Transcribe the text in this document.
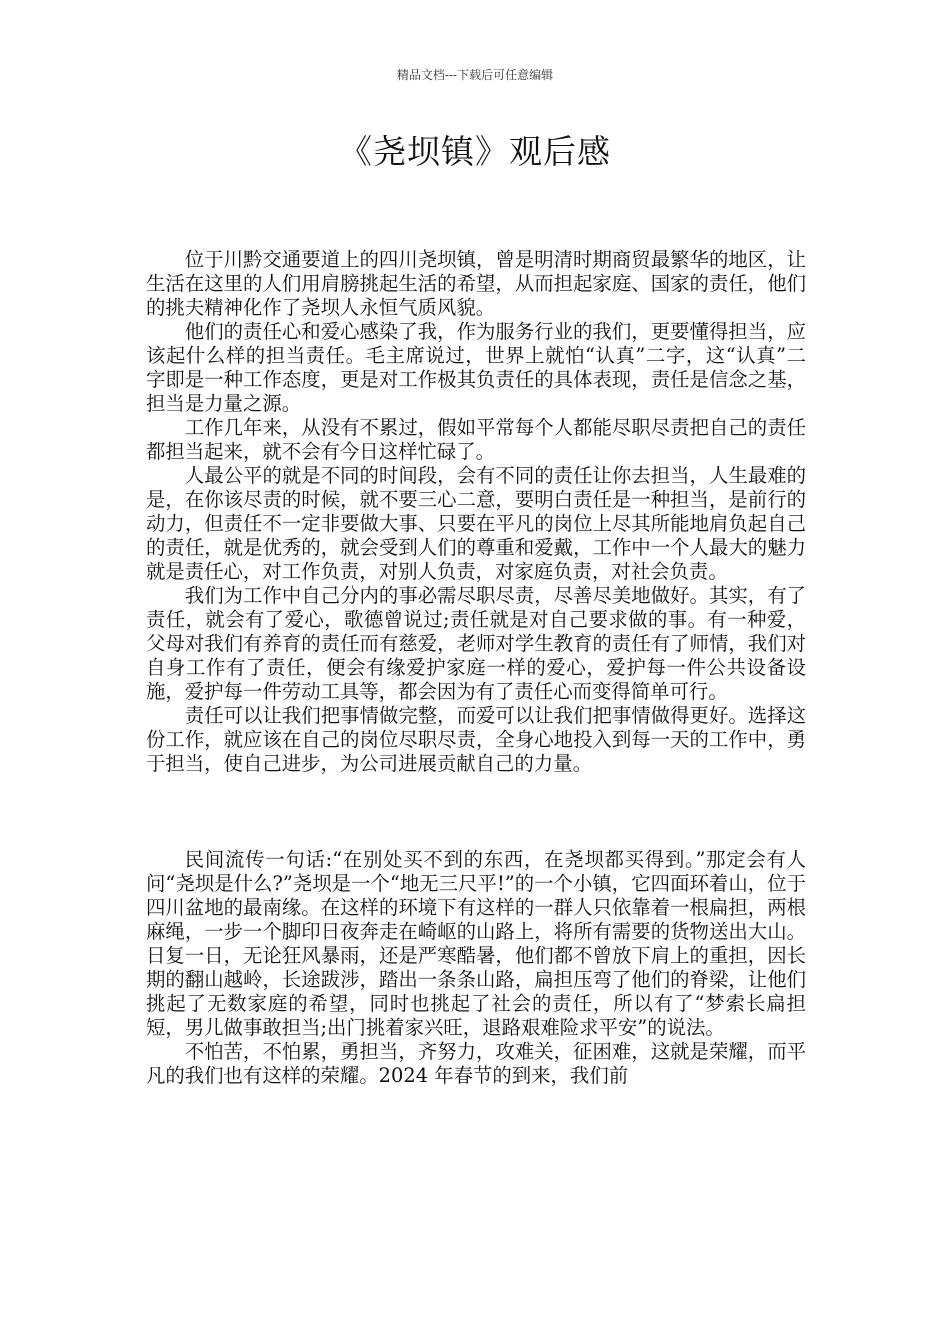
精品文档---下载后可任意编辑
《尧坝镇》观后感

位于川黔交通要道上的四川尧坝镇，曾是明清时期商贸最繁华的地区，让生活在这里的人们用肩膀挑起生活的希望，从而担起家庭、国家的责任，他们的挑夫精神化作了尧坝人永恒气质风貌。

他们的责任心和爱心感染了我，作为服务行业的我们，更要懂得担当，应该起什么样的担当责任。毛主席说过，世界上就怕“认真”二字，这“认真”二字即是一种工作态度，更是对工作极其负责任的具体表现，责任是信念之基，担当是力量之源。

工作几年来，从没有不累过，假如平常每个人都能尽职尽责把自己的责任都担当起来，就不会有今日这样忙碌了。

人最公平的就是不同的时间段，会有不同的责任让你去担当，人生最难的是，在你该尽责的时候，就不要三心二意，要明白责任是一种担当，是前行的动力，但责任不一定非要做大事、只要在平凡的岗位上尽其所能地肩负起自己的责任，就是优秀的，就会受到人们的尊重和爱戴，工作中一个人最大的魅力就是责任心，对工作负责，对别人负责，对家庭负责，对社会负责。

我们为工作中自己分内的事必需尽职尽责，尽善尽美地做好。其实，有了责任，就会有了爱心，歌德曾说过;责任就是对自己要求做的事。有一种爱，父母对我们有养育的责任而有慈爱，老师对学生教育的责任有了师情，我们对自身工作有了责任，便会有缘爱护家庭一样的爱心，爱护每一件公共设备设施，爱护每一件劳动工具等，都会因为有了责任心而变得简单可行。

责任可以让我们把事情做完整，而爱可以让我们把事情做得更好。选择这份工作，就应该在自己的岗位尽职尽责，全身心地投入到每一天的工作中，勇于担当，使自己进步，为公司进展贡献自己的力量。

民间流传一句话:“在别处买不到的东西，在尧坝都买得到。”那定会有人问“尧坝是什么?”尧坝是一个“地无三尺平!”的一个小镇，它四面环着山，位于四川盆地的最南缘。在这样的环境下有这样的一群人只依靠着一根扁担，两根麻绳，一步一个脚印日夜奔走在崎岖的山路上，将所有需要的货物送出大山。日复一日，无论狂风暴雨，还是严寒酷暑，他们都不曾放下肩上的重担，因长期的翻山越岭，长途跋涉，踏出一条条山路，扁担压弯了他们的脊梁，让他们挑起了无数家庭的希望，同时也挑起了社会的责任，所以有了“梦索长扁担短，男儿做事敢担当;出门挑着家兴旺，退路艰难险求平安”的说法。

不怕苦，不怕累，勇担当，齐努力，攻难关，征困难，这就是荣耀，而平凡的我们也有这样的荣耀。2024 年春节的到来，我们前
